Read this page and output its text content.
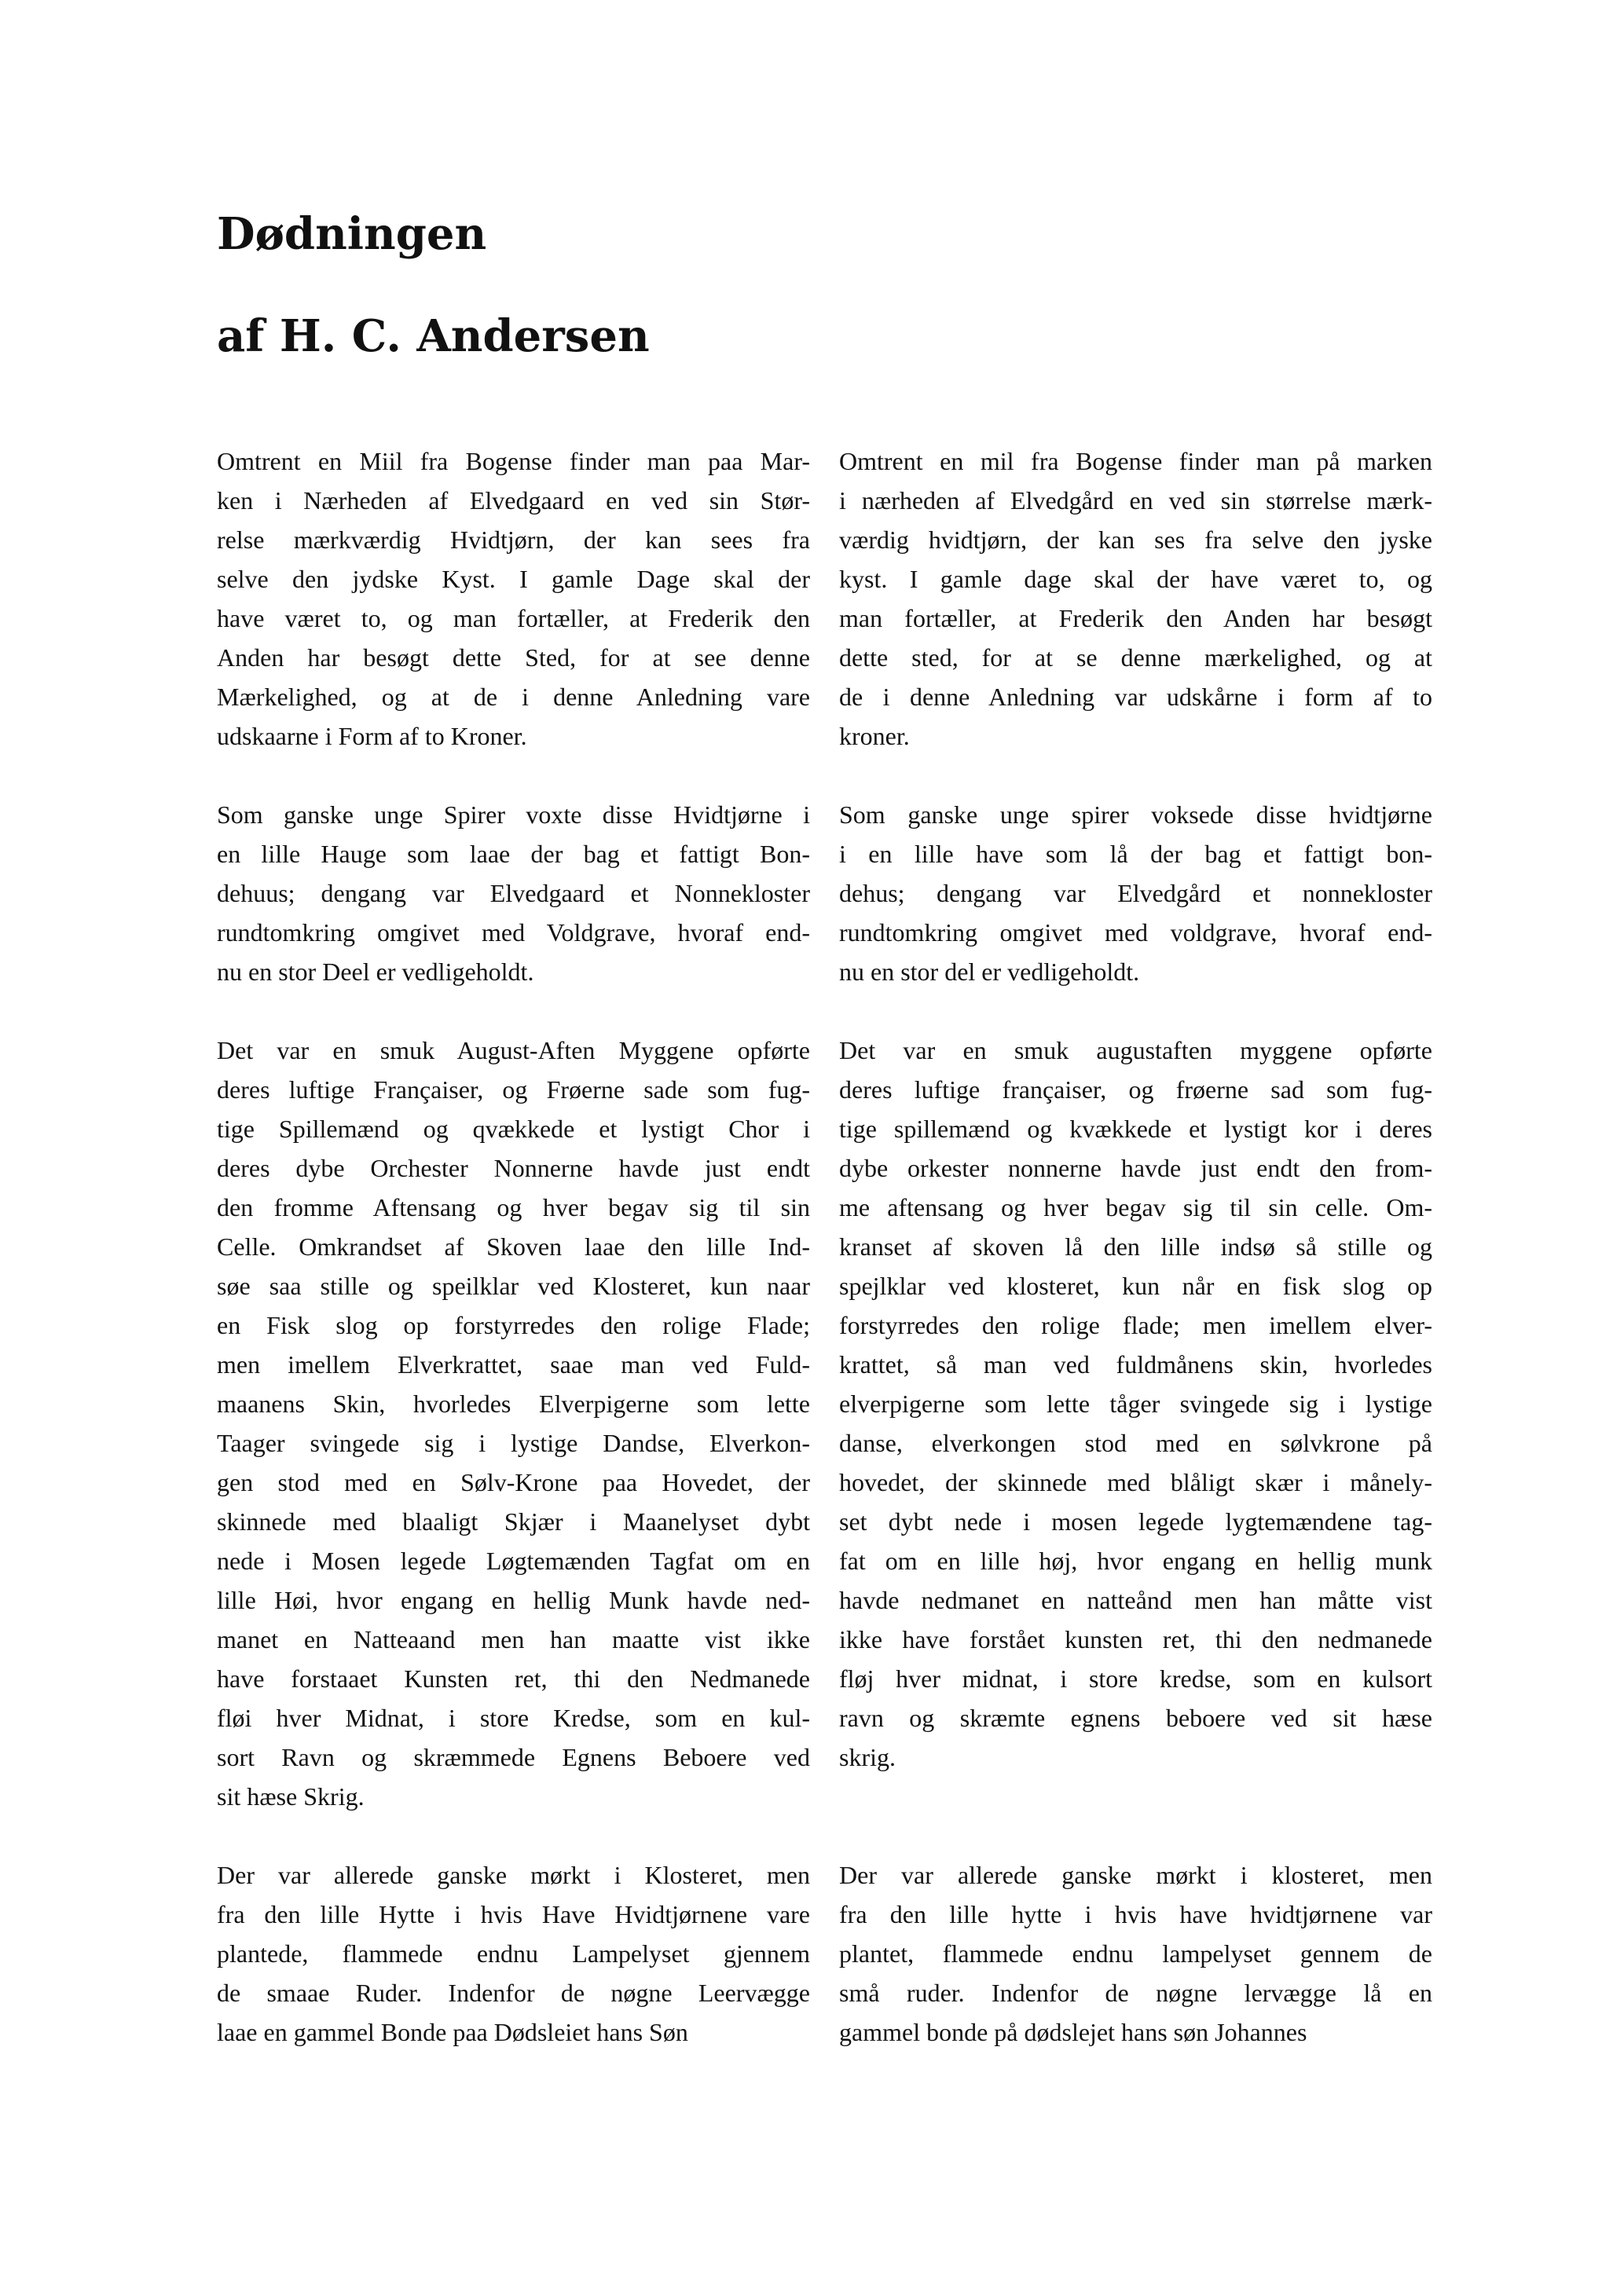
Dødningen
af H. C. Andersen

Omtrent en Miil fra Bogense finder man paa Mar-
ken i Nærheden af Elvedgaard en ved sin Stør-
relse mærkværdig Hvidtjørn, der kan sees fra
selve den jydske Kyst. I gamle Dage skal der
have været to, og man fortæller, at Frederik den
Anden har besøgt dette Sted, for at see denne
Mærkelighed, og at de i denne Anledning vare
udskaarne i Form af to Kroner.

Som ganske unge Spirer voxte disse Hvidtjørne i
en lille Hauge som laae der bag et fattigt Bon-
dehuus; dengang var Elvedgaard et Nonnekloster
rundtomkring omgivet med Voldgrave, hvoraf end-
nu en stor Deel er vedligeholdt.

Det var en smuk August-Aften Myggene opførte
deres luftige Françaiser, og Frøerne sade som fug-
tige Spillemænd og qvækkede et lystigt Chor i
deres dybe Orchester Nonnerne havde just endt
den fromme Aftensang og hver begav sig til sin
Celle. Omkrandset af Skoven laae den lille Ind-
søe saa stille og speilklar ved Klosteret, kun naar
en Fisk slog op forstyrredes den rolige Flade;
men imellem Elverkrattet, saae man ved Fuld-
maanens Skin, hvorledes Elverpigerne som lette
Taager svingede sig i lystige Dandse, Elverkon-
gen stod med en Sølv-Krone paa Hovedet, der
skinnede med blaaligt Skjær i Maanelyset dybt
nede i Mosen legede Løgtemænden Tagfat om en
lille Høi, hvor engang en hellig Munk havde ned-
manet en Natteaand men han maatte vist ikke
have forstaaet Kunsten ret, thi den Nedmanede
fløi hver Midnat, i store Kredse, som en kul-
sort Ravn og skræmmede Egnens Beboere ved
sit hæse Skrig.

Der var allerede ganske mørkt i Klosteret, men
fra den lille Hytte i hvis Have Hvidtjørnene vare
plantede, flammede endnu Lampelyset gjennem
de smaae Ruder. Indenfor de nøgne Leervægge
laae en gammel Bonde paa Dødsleiet hans Søn

Omtrent en mil fra Bogense finder man på marken
i nærheden af Elvedgård en ved sin størrelse mærk-
værdig hvidtjørn, der kan ses fra selve den jyske
kyst. I gamle dage skal der have været to, og
man fortæller, at Frederik den Anden har besøgt
dette sted, for at se denne mærkelighed, og at
de i denne Anledning var udskårne i form af to
kroner.

Som ganske unge spirer voksede disse hvidtjørne
i en lille have som lå der bag et fattigt bon-
dehus; dengang var Elvedgård et nonnekloster
rundtomkring omgivet med voldgrave, hvoraf end-
nu en stor del er vedligeholdt.

Det var en smuk augustaften myggene opførte
deres luftige françaiser, og frøerne sad som fug-
tige spillemænd og kvækkede et lystigt kor i deres
dybe orkester nonnerne havde just endt den from-
me aftensang og hver begav sig til sin celle. Om-
kranset af skoven lå den lille indsø så stille og
spejlklar ved klosteret, kun når en fisk slog op
forstyrredes den rolige flade; men imellem elver-
krattet, så man ved fuldmånens skin, hvorledes
elverpigerne som lette tåger svingede sig i lystige
danse, elverkongen stod med en sølvkrone på
hovedet, der skinnede med blåligt skær i månely-
set dybt nede i mosen legede lygtemændene tag-
fat om en lille høj, hvor engang en hellig munk
havde nedmanet en natteånd men han måtte vist
ikke have forstået kunsten ret, thi den nedmanede
fløj hver midnat, i store kredse, som en kulsort
ravn og skræmte egnens beboere ved sit hæse
skrig.

Der var allerede ganske mørkt i klosteret, men
fra den lille hytte i hvis have hvidtjørnene var
plantet, flammede endnu lampelyset gennem de
små ruder. Indenfor de nøgne lervægge lå en
gammel bonde på dødslejet hans søn Johannes
